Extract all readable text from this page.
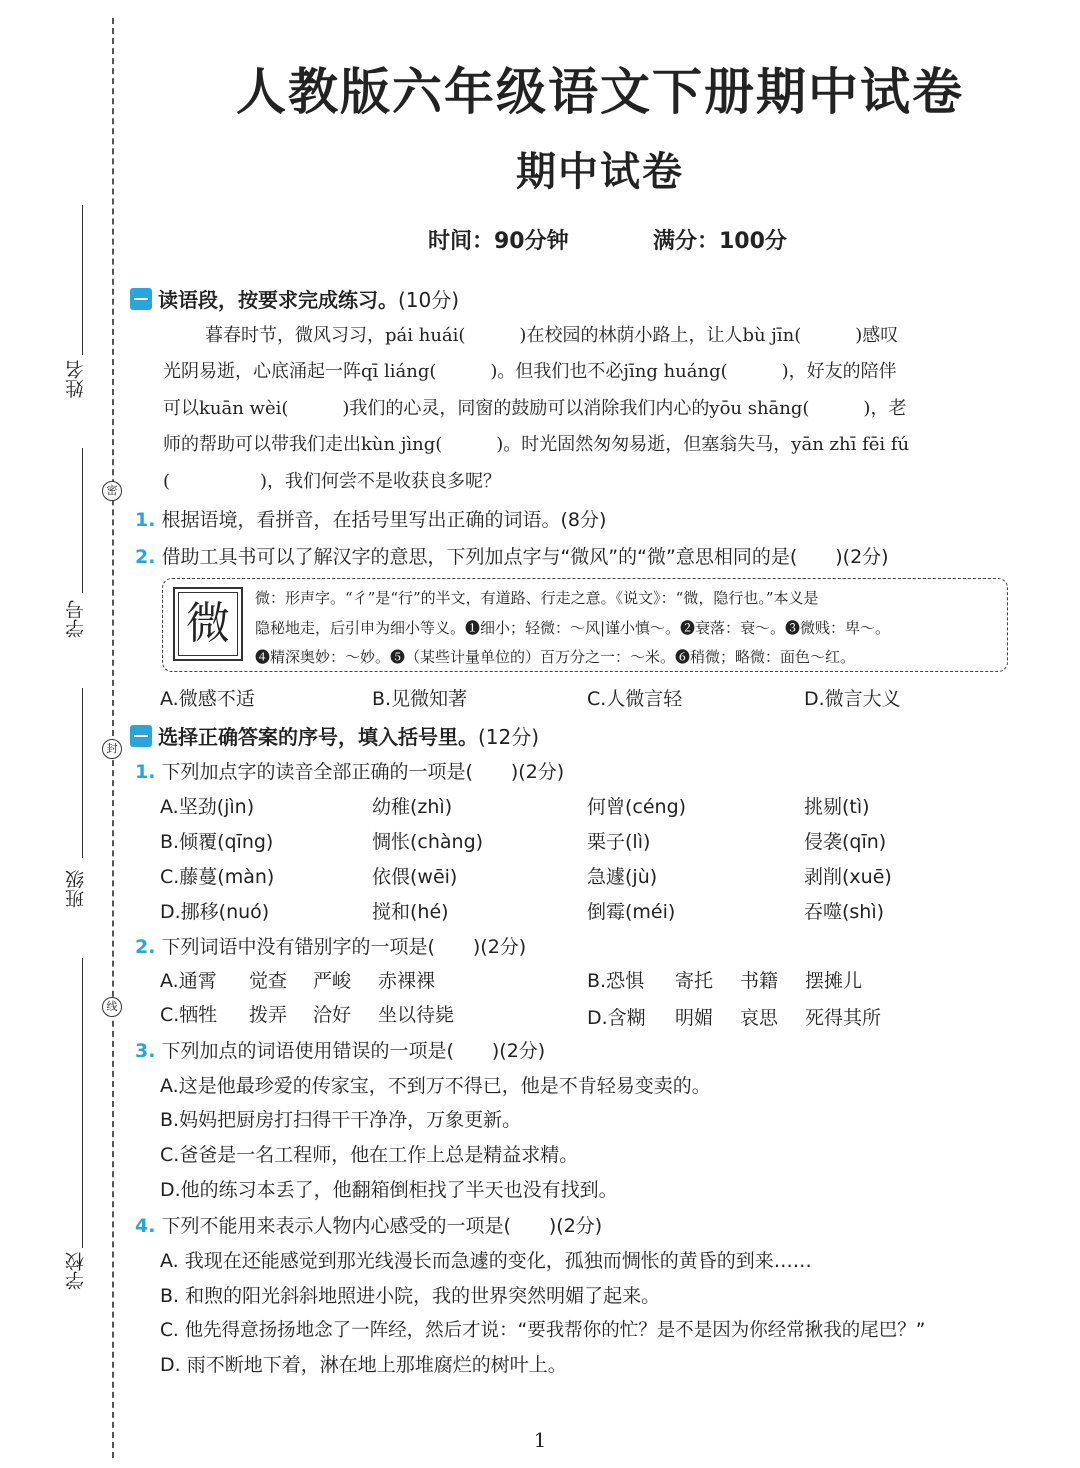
姓名
学号
班级
学校
密
封
线
人教版六年级语文下册期中试卷
期中试卷
时间：90分钟	满分：100分
读语段，按要求完成练习。(10分)
暮春时节，微风习习，pái huái(　　　)在校园的林荫小路上，让人bù jīn(　　　)感叹
光阴易逝，心底涌起一阵qī liáng(　　　)。但我们也不必jīng huáng(　　　)，好友的陪伴
可以kuān wèi(　　　)我们的心灵，同窗的鼓励可以消除我们内心的yōu shāng(　　　)，老
师的帮助可以带我们走出kùn jìng(　　　)。时光固然匆匆易逝，但塞翁失马，yān zhī fēi fú
(　　　　　)，我们何尝不是收获良多呢？
1. 根据语境，看拼音，在括号里写出正确的词语。(8分)
2. 借助工具书可以了解汉字的意思，下列加点字与“微风”的“微”意思相同的是(　　)(2分)
微	微：形声字。“彳”是“行”的半文，有道路、行走之意。《说文》：“微，隐行也。”本义是
隐秘地走，后引申为细小等义。❶细小；轻微：～风|谨小慎～。❷衰落：衰～。❸微贱：卑～。
❹精深奥妙：～妙。❺（某些计量单位的）百万分之一：～米。❻稍微；略微：面色～红。
A.微感不适	B.见微知著	C.人微言轻	D.微言大义
选择正确答案的序号，填入括号里。(12分)
1. 下列加点字的读音全部正确的一项是(　　)(2分)
A.坚劲(jìn)	幼稚(zhì)	何曾(céng)	挑剔(tì)
B.倾覆(qīng)	惆怅(chàng)	栗子(lì)	侵袭(qīn)
C.藤蔓(màn)	依偎(wēi)	急遽(jù)	剥削(xuē)
D.挪移(nuó)	搅和(hé)	倒霉(méi)	吞噬(shì)
2. 下列词语中没有错别字的一项是(　　)(2分)
A.通霄 觉查 严峻 赤裸裸	B.恐惧 寄托 书籍 摆摊儿
C.牺牲 拨弄 洽好 坐以待毙	D.含糊 明媚 哀思 死得其所
3. 下列加点的词语使用错误的一项是(　　)(2分)
A.这是他最珍爱的传家宝，不到万不得已，他是不肯轻易变卖的。
B.妈妈把厨房打扫得干干净净，万象更新。
C.爸爸是一名工程师，他在工作上总是精益求精。
D.他的练习本丢了，他翻箱倒柜找了半天也没有找到。
4. 下列不能用来表示人物内心感受的一项是(　　)(2分)
A. 我现在还能感觉到那光线漫长而急遽的变化，孤独而惆怅的黄昏的到来……
B. 和煦的阳光斜斜地照进小院，我的世界突然明媚了起来。
C. 他先得意扬扬地念了一阵经，然后才说：“要我帮你的忙？是不是因为你经常揪我的尾巴？”
D. 雨不断地下着，淋在地上那堆腐烂的树叶上。
1
